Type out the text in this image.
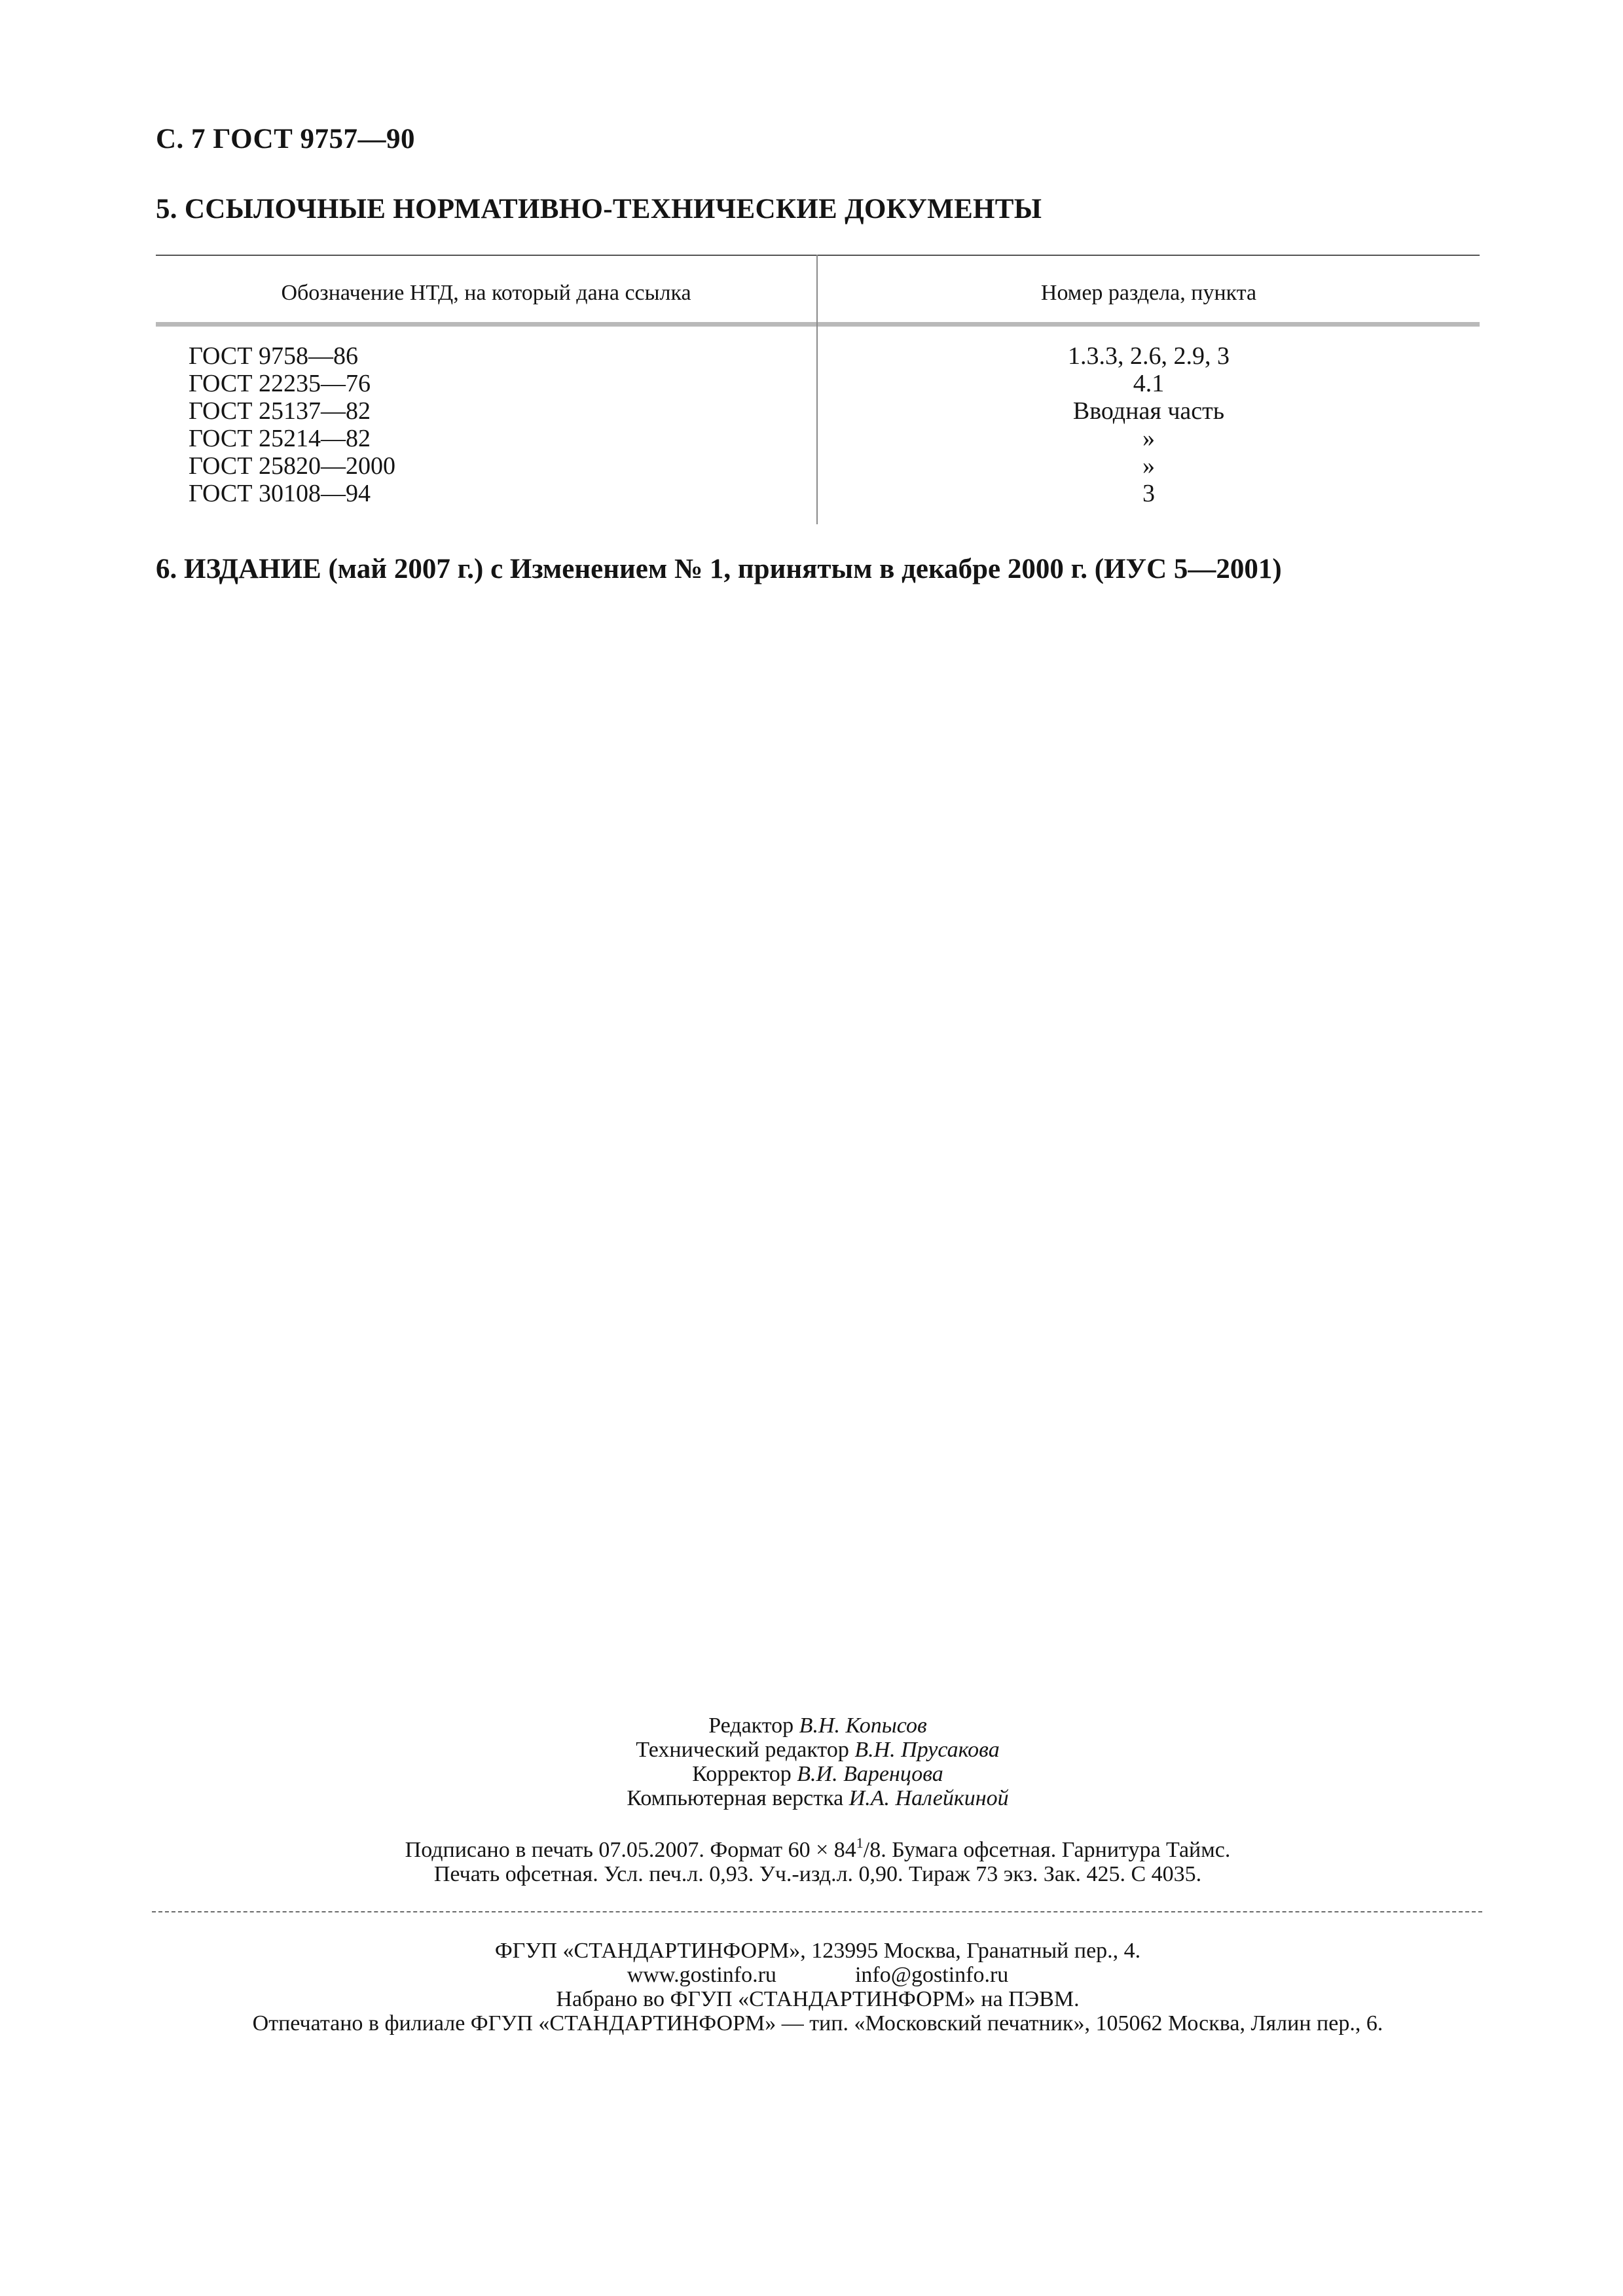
С. 7 ГОСТ 9757—90
5. ССЫЛОЧНЫЕ НОРМАТИВНО-ТЕХНИЧЕСКИЕ ДОКУМЕНТЫ
Обозначение НТД, на который дана ссылка	Номер раздела, пункта
ГОСТ 9758—86
ГОСТ 22235—76
ГОСТ 25137—82
ГОСТ 25214—82
ГОСТ 25820—2000
ГОСТ 30108—94
1.3.3, 2.6, 2.9, 3
4.1
Вводная часть
»
»
3
6. ИЗДАНИЕ (май 2007 г.) с Изменением № 1, принятым в декабре 2000 г. (ИУС 5—2001)
Редактор В.Н. Копысов
Технический редактор В.Н. Прусакова
Корректор В.И. Варенцова
Компьютерная верстка И.А. Налейкиной
Подписано в печать 07.05.2007. Формат $60 \times 84^1/8$. Бумага офсетная. Гарнитура Таймс.
Печать офсетная. Усл. печ.л. 0,93. Уч.-изд.л. 0,90. Тираж 73 экз. Зак. 425. С 4035.
ФГУП «СТАНДАРТИНФОРМ», 123995 Москва, Гранатный пер., 4.
www.gostinfo.ru	info@gostinfo.ru
Набрано во ФГУП «СТАНДАРТИНФОРМ» на ПЭВМ.
Отпечатано в филиале ФГУП «СТАНДАРТИНФОРМ» — тип. «Московский печатник», 105062 Москва, Лялин пер., 6.
